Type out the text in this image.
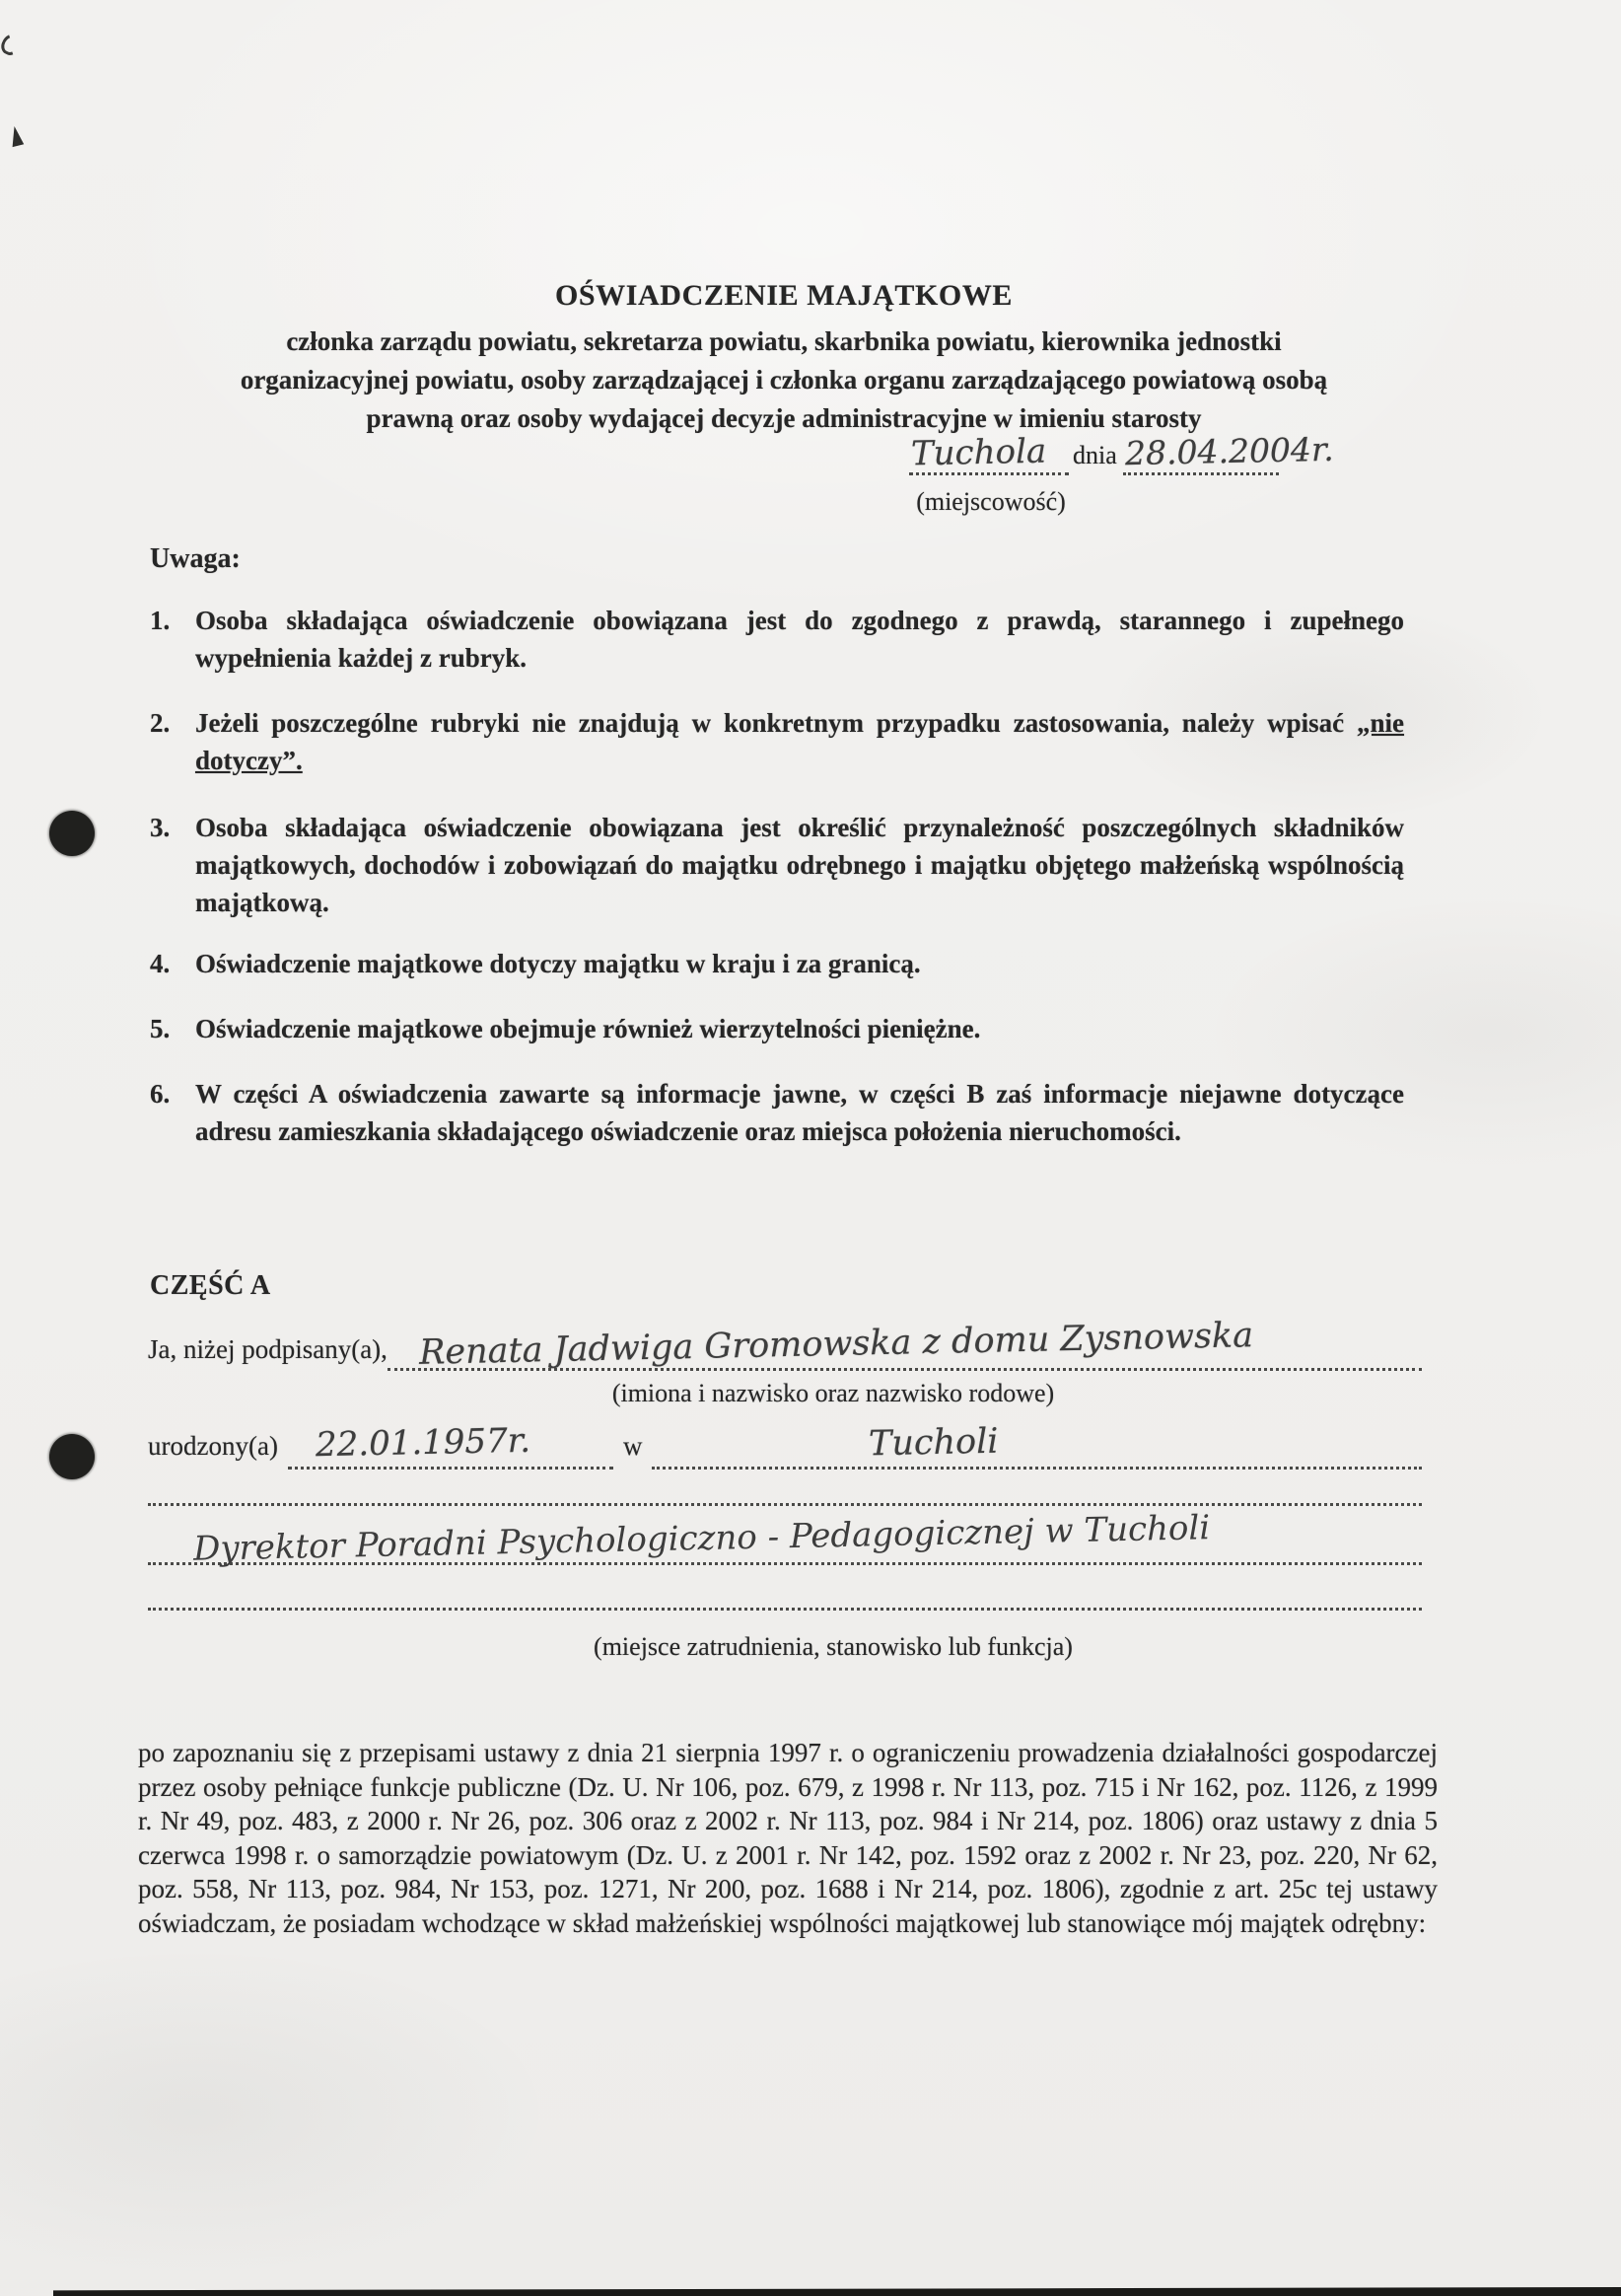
OŚWIADCZENIE MAJĄTKOWE
członka zarządu powiatu, sekretarza powiatu, skarbnika powiatu, kierownika jednostki
organizacyjnej powiatu, osoby zarządzającej i członka organu zarządzającego powiatową osobą
prawną oraz osoby wydającej decyzje administracyjne w imieniu starosty
Tuchola dnia 28.04.2004r.
(miejscowość)
Uwaga:
1. Osoba składająca oświadczenie obowiązana jest do zgodnego z prawdą, starannego i zupełnego wypełnienia każdej z rubryk.
2. Jeżeli poszczególne rubryki nie znajdują w konkretnym przypadku zastosowania, należy wpisać „nie dotyczy”.
3. Osoba składająca oświadczenie obowiązana jest określić przynależność poszczególnych składników majątkowych, dochodów i zobowiązań do majątku odrębnego i majątku objętego małżeńską wspólnością majątkową.
4. Oświadczenie majątkowe dotyczy majątku w kraju i za granicą.
5. Oświadczenie majątkowe obejmuje również wierzytelności pieniężne.
6. W części A oświadczenia zawarte są informacje jawne, w części B zaś informacje niejawne dotyczące adresu zamieszkania składającego oświadczenie oraz miejsca położenia nieruchomości.
CZĘŚĆ A
Ja, niżej podpisany(a), Renata Jadwiga Gromowska z domu Zysnowska
(imiona i nazwisko oraz nazwisko rodowe)
urodzony(a) 22.01.1957r.	w	Tucholi
Dyrektor Poradni Psychologiczno - Pedagogicznej w Tucholi
(miejsce zatrudnienia, stanowisko lub funkcja)
po zapoznaniu się z przepisami ustawy z dnia 21 sierpnia 1997 r. o ograniczeniu prowadzenia działalności gospodarczej przez osoby pełniące funkcje publiczne (Dz. U. Nr 106, poz. 679, z 1998 r. Nr 113, poz. 715 i Nr 162, poz. 1126, z 1999 r. Nr 49, poz. 483, z 2000 r. Nr 26, poz. 306 oraz z 2002 r. Nr 113, poz. 984 i Nr 214, poz. 1806) oraz ustawy z dnia 5 czerwca 1998 r. o samorządzie powiatowym (Dz. U. z 2001 r. Nr 142, poz. 1592 oraz z 2002 r. Nr 23, poz. 220, Nr 62, poz. 558, Nr 113, poz. 984, Nr 153, poz. 1271, Nr 200, poz. 1688 i Nr 214, poz. 1806), zgodnie z art. 25c tej ustawy oświadczam, że posiadam wchodzące w skład małżeńskiej wspólności majątkowej lub stanowiące mój majątek odrębny:
